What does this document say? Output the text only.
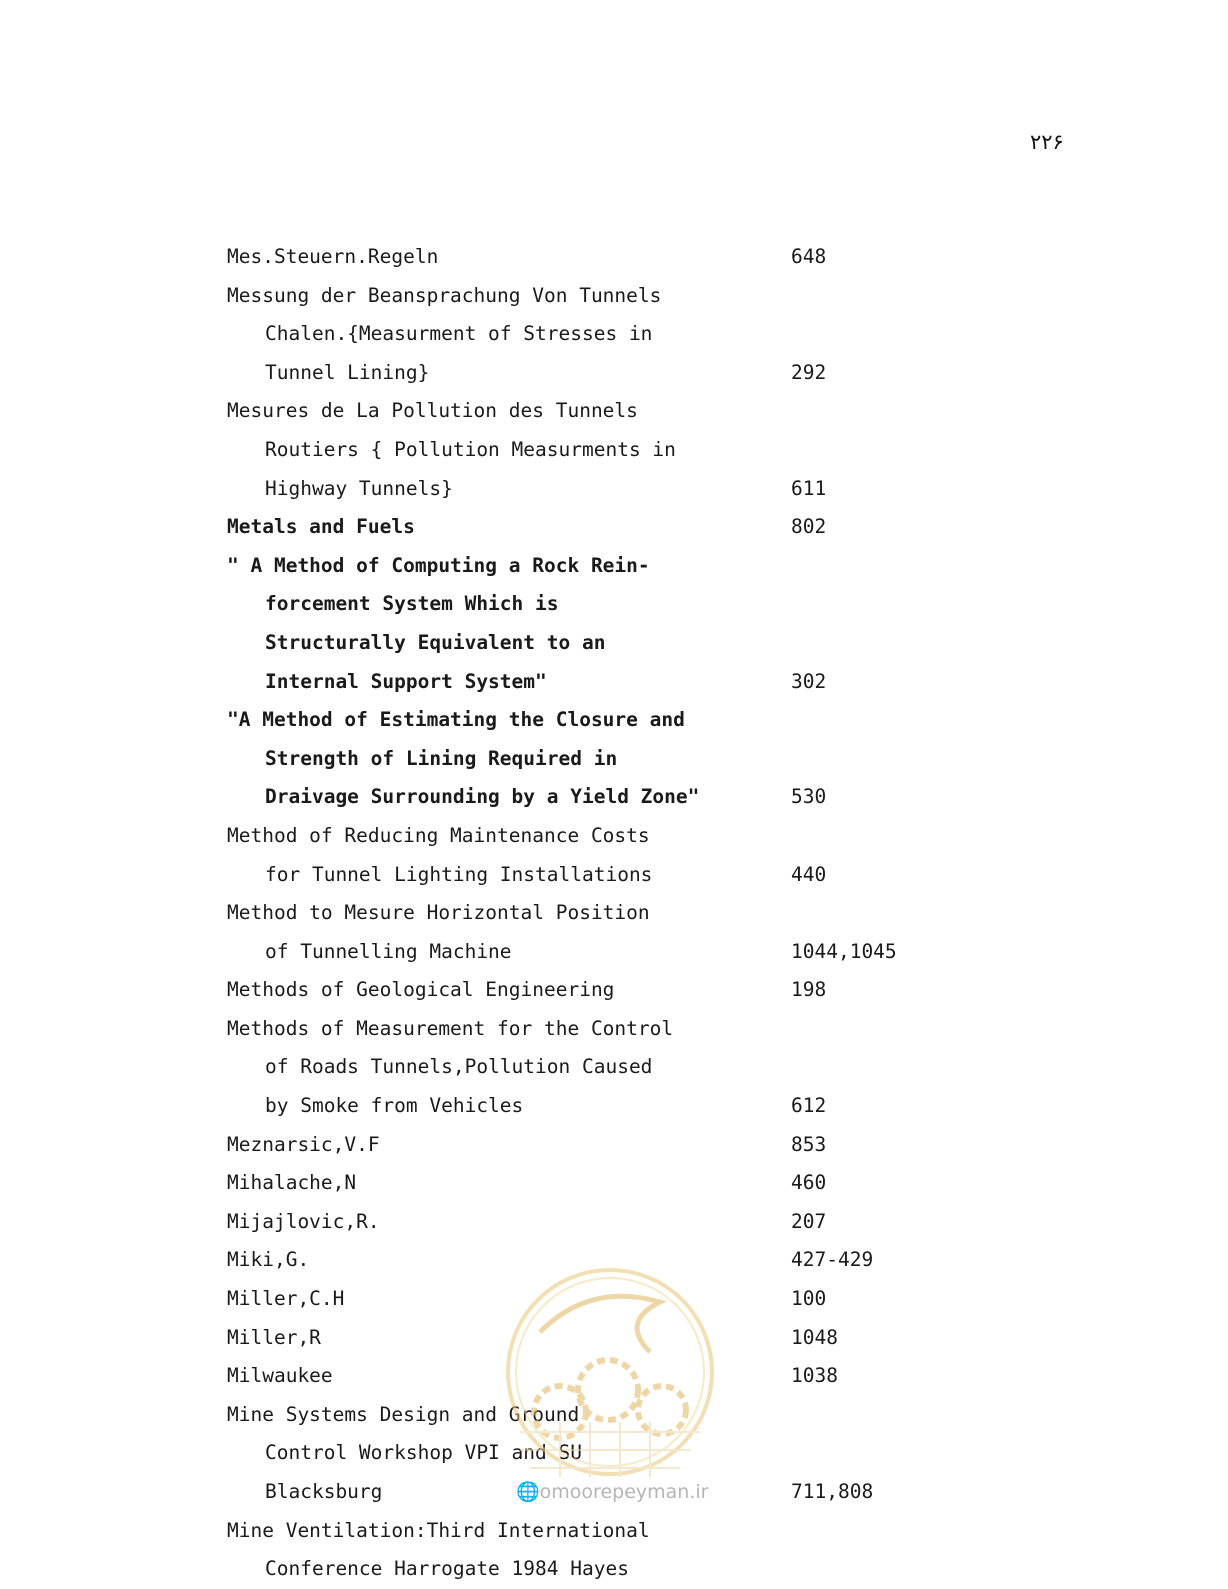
٢٢۶
Mes.Steuern.Regeln	648
Messung der Beansprachung Von Tunnels
Chalen.{Measurment of Stresses in
Tunnel Lining}	292
Mesures de La Pollution des Tunnels
Routiers { Pollution Measurments in
Highway Tunnels}	611
Metals and Fuels	802
" A Method of Computing a Rock Rein-
forcement System Which is
Structurally Equivalent to an
Internal Support System"	302
"A Method of Estimating the Closure and
Strength of Lining Required in
Draivage Surrounding by a Yield Zone"	530
Method of Reducing Maintenance Costs
for Tunnel Lighting Installations	440
Method to Mesure Horizontal Position
of Tunnelling Machine	1044,1045
Methods of Geological Engineering	198
Methods of Measurement for the Control
of Roads Tunnels,Pollution Caused
by Smoke from Vehicles	612
Meznarsic,V.F	853
Mihalache,N	460
Mijajlovic,R.	207
Miki,G.	427-429
Miller,C.H	100
Miller,R	1048
Milwaukee	1038
Mine Systems Design and Ground
Control Workshop VPI and SU
Blacksburg	711,808
Mine Ventilation:Third International
Conference Harrogate 1984 Hayes
🌐omoorepeyman.ir
